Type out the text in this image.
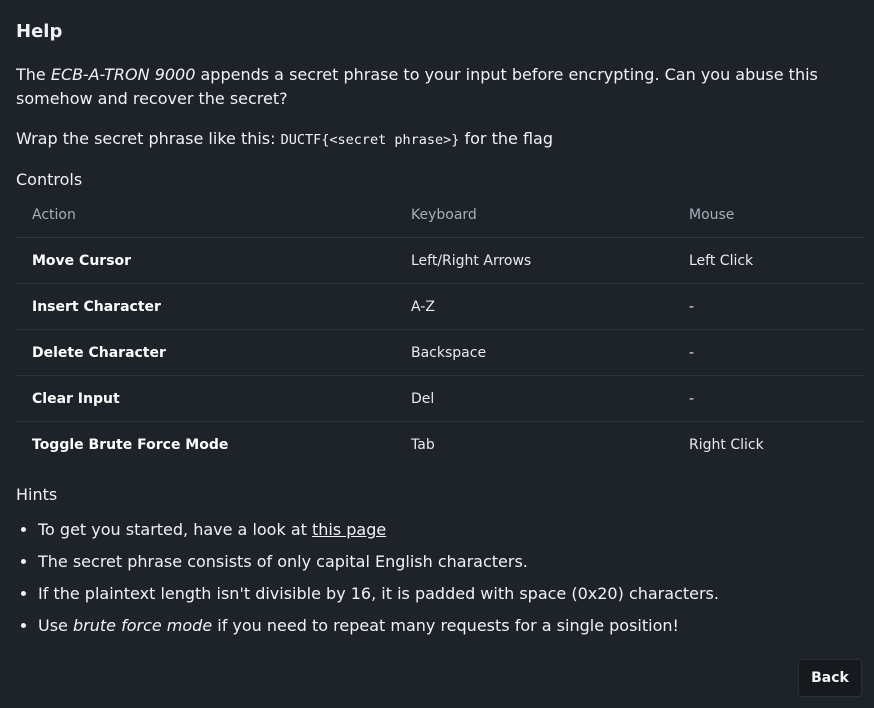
Help

The ECB-A-TRON 9000 appends a secret phrase to your input before encrypting. Can you abuse this somehow and recover the secret?

Wrap the secret phrase like this: DUCTF{<secret phrase>} for the flag

Controls
Action	Keyboard	Mouse
Move Cursor	Left/Right Arrows	Left Click
Insert Character	A-Z	-
Delete Character	Backspace	-
Clear Input	Del	-
Toggle Brute Force Mode	Tab	Right Click
Hints
• To get you started, have a look at this page
• The secret phrase consists of only capital English characters.
• If the plaintext length isn't divisible by 16, it is padded with space (0x20) characters.
• Use brute force mode if you need to repeat many requests for a single position!
Back
